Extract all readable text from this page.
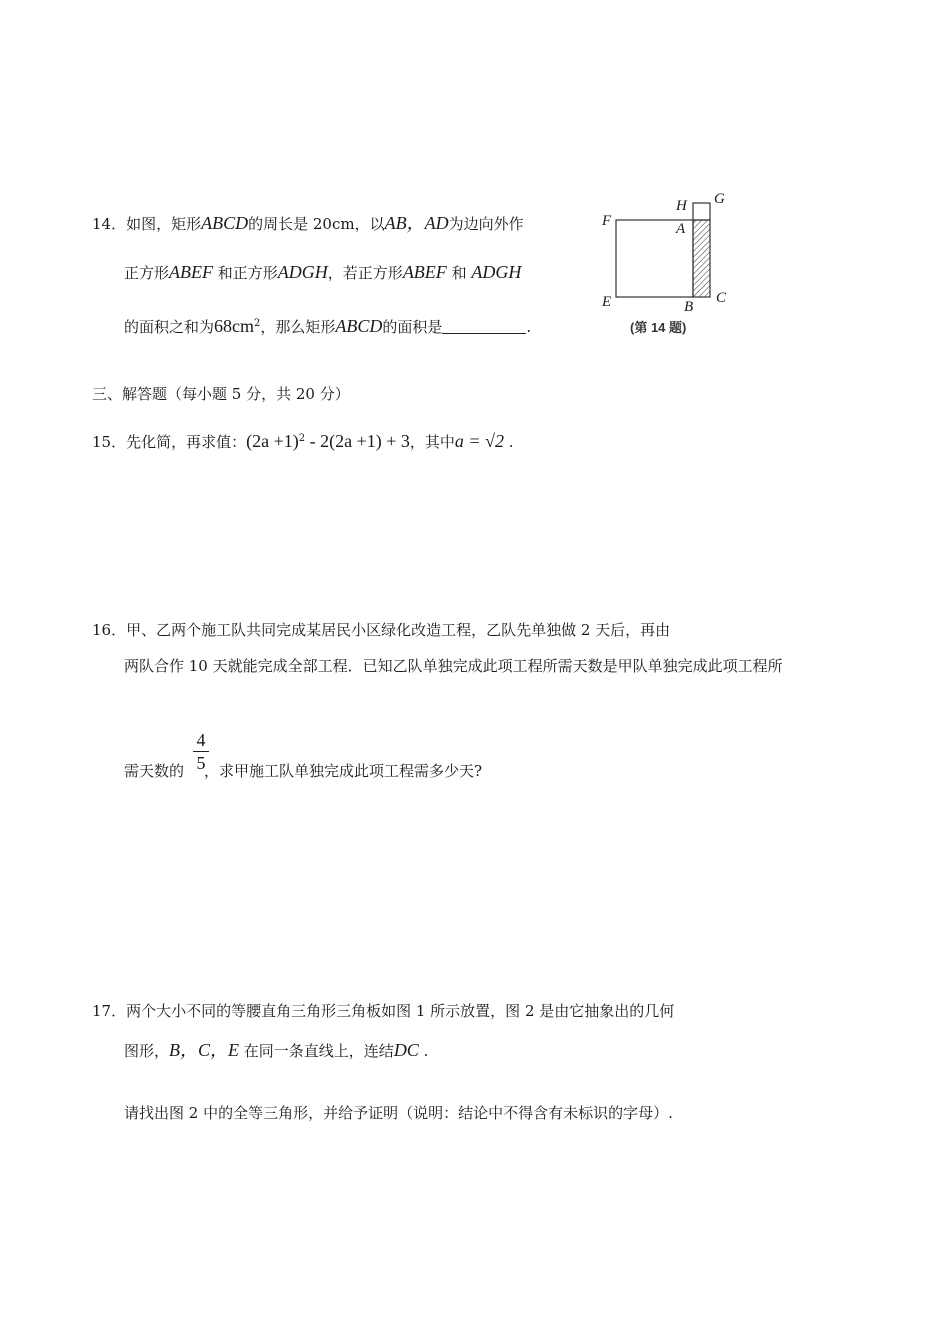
14．如图，矩形ABCD的周长是 20cm，以AB，AD为边向外作
正方形ABEF 和正方形ADGH，若正方形ABEF 和 ADGH
的面积之和为$68cm^2$，那么矩形ABCD的面积是	.
H G
F	A
E	B
C
(第 14 题)
三、解答题（每小题 5 分，共 20 分）
15．先化简，再求值：$(2a +1)^2 - 2(2a +1) + 3$，其中a = √2 .
16．甲、乙两个施工队共同完成某居民小区绿化改造工程，乙队先单独做 2 天后，再由
两队合作 10 天就能完成全部工程．已知乙队单独完成此项工程所需天数是甲队单独完成此项工程所
4
5
需天数的 ，求甲施工队单独完成此项工程需多少天?
17．两个大小不同的等腰直角三角形三角板如图 1 所示放置，图 2 是由它抽象出的几何
图形，B，C，E 在同一条直线上，连结DC .
请找出图 2 中的全等三角形，并给予证明（说明：结论中不得含有未标识的字母）.
